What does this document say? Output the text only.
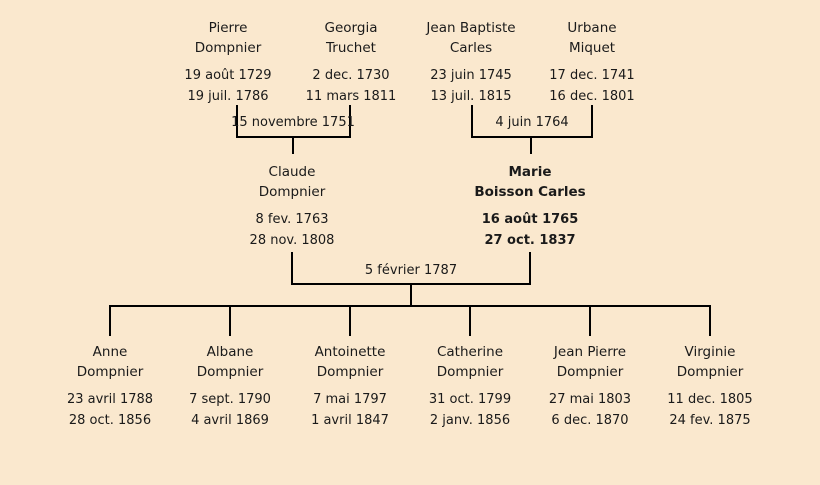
Pierre
Dompnier
19 août 1729
19 juil. 1786
Georgia
Truchet
2 dec. 1730
11 mars 1811
Jean Baptiste
Carles
23 juin 1745
13 juil. 1815
Urbane
Miquet
17 dec. 1741
16 dec. 1801
15 novembre 1751	4 juin 1764
5 février 1787
Claude
Dompnier
8 fev. 1763
28 nov. 1808
Marie
Boisson Carles
16 août 1765
27 oct. 1837
Anne
Dompnier
23 avril 1788
28 oct. 1856
Albane
Dompnier
7 sept. 1790
4 avril 1869
Antoinette
Dompnier
7 mai 1797
1 avril 1847
Catherine
Dompnier
31 oct. 1799
2 janv. 1856
Jean Pierre
Dompnier
27 mai 1803
6 dec. 1870
Virginie
Dompnier
11 dec. 1805
24 fev. 1875
